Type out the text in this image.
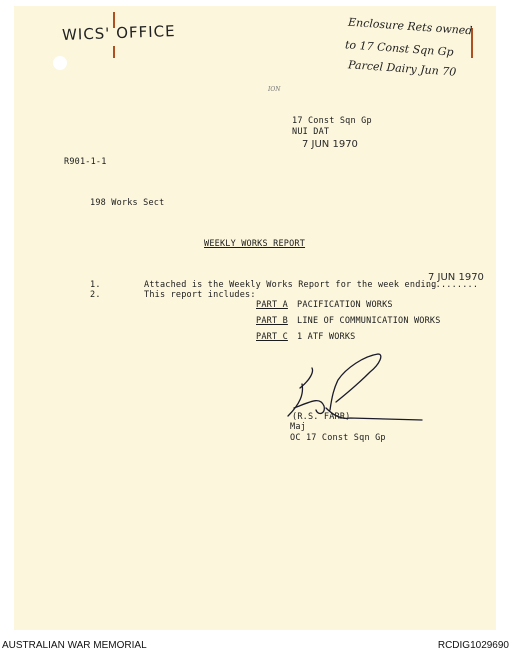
WICS' OFFICE	Enclosure Rets owned
to 17 Const Sqn Gp
Parcel Dairy Jun 70
ION
17 Const Sqn Gp
NUI DAT
7 JUN 1970
R901-1-1
198 Works Sect
WEEKLY WORKS REPORT
1.	Attached is the Weekly Works Report for the week ending
..........
7 JUN 1970
2.	This report includes:
PART A PACIFICATION WORKS
PART B LINE OF COMMUNICATION WORKS
PART C 1 ATF WORKS
(R.S. FARR)
Maj
OC 17 Const Sqn Gp
AUSTRALIAN WAR MEMORIAL	RCDIG1029690
